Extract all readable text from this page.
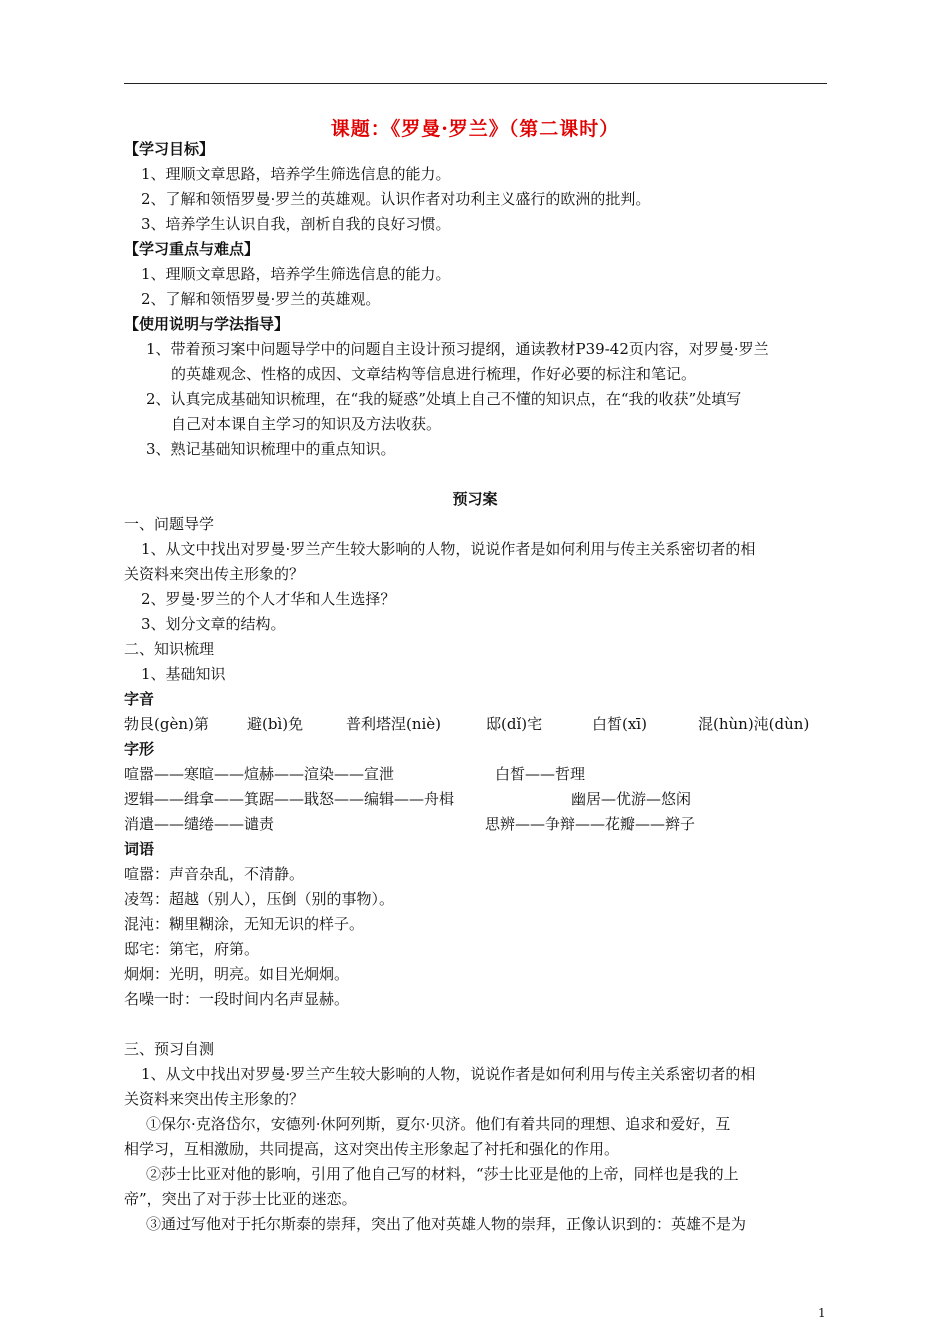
课题：《罗曼·罗兰》（第二课时）
【学习目标】
1、理顺文章思路，培养学生筛选信息的能力。
2、了解和领悟罗曼·罗兰的英雄观。认识作者对功利主义盛行的欧洲的批判。
3、培养学生认识自我，剖析自我的良好习惯。
【学习重点与难点】
1、理顺文章思路，培养学生筛选信息的能力。
2、了解和领悟罗曼·罗兰的英雄观。
【使用说明与学法指导】
1、带着预习案中问题导学中的问题自主设计预习提纲，通读教材P39-42页内容，对罗曼·罗兰
的英雄观念、性格的成因、文章结构等信息进行梳理，作好必要的标注和笔记。
2、认真完成基础知识梳理，在“我的疑惑”处填上自己不懂的知识点，在“我的收获”处填写
自己对本课自主学习的知识及方法收获。
3、熟记基础知识梳理中的重点知识。
预习案
一、问题导学
1、从文中找出对罗曼·罗兰产生较大影响的人物，说说作者是如何利用与传主关系密切者的相
关资料来突出传主形象的？
2、罗曼·罗兰的个人才华和人生选择？
3、划分文章的结构。
二、知识梳理
1、基础知识
字音
勃艮(gèn)第	避(bì)免	普利塔涅(niè)	邸(dǐ)宅	白皙(xī)	混(hùn)沌(dùn)
字形
喧嚣——寒暄——煊赫——渲染——宣泄	白皙——哲理
逻辑——缉拿——箕踞——戢怒——编辑——舟楫	幽居—优游—悠闲
消遣——缱绻——谴责	思辨——争辩——花瓣——辫子
词语
喧嚣：声音杂乱，不清静。
凌驾：超越（别人），压倒（别的事物）。
混沌：糊里糊涂，无知无识的样子。
邸宅：第宅，府第。
炯炯：光明，明亮。如目光炯炯。
名噪一时：一段时间内名声显赫。
三、预习自测
1、从文中找出对罗曼·罗兰产生较大影响的人物，说说作者是如何利用与传主关系密切者的相
关资料来突出传主形象的？
①保尔·克洛岱尔，安德列·休阿列斯，夏尔·贝济。他们有着共同的理想、追求和爱好，互
相学习，互相激励，共同提高，这对突出传主形象起了衬托和强化的作用。
②莎士比亚对他的影响，引用了他自己写的材料，“莎士比亚是他的上帝，同样也是我的上
帝”，突出了对于莎士比亚的迷恋。
③通过写他对于托尔斯泰的崇拜，突出了他对英雄人物的崇拜，正像认识到的：英雄不是为
1
